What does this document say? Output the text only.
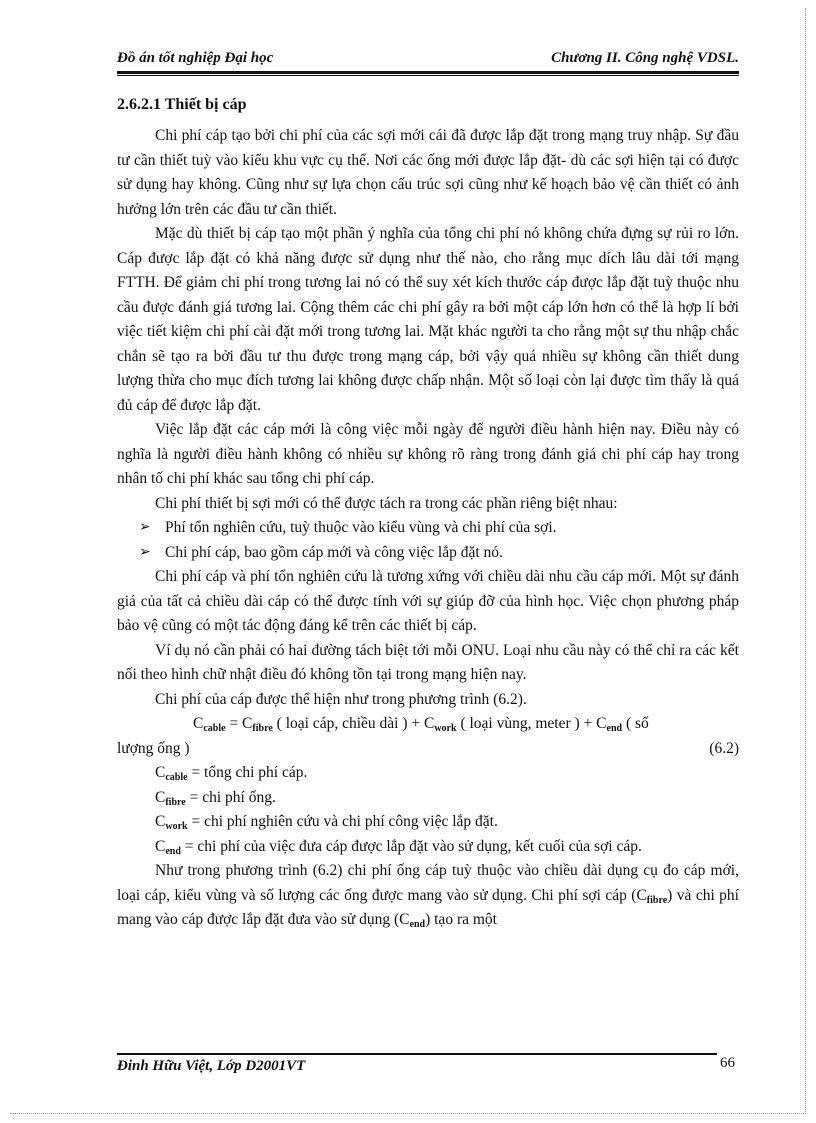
Đồ án tốt nghiệp Đại học	Chương II. Công nghệ VDSL.
2.6.2.1 Thiết bị cáp

Chi phí cáp tạo bởi chi phí của các sợi mới cái đã được lắp đặt trong mạng truy nhập. Sự đầu tư cần thiết tuỳ vào kiểu khu vực cụ thể. Nơi các ống mới được lắp đặt- dù các sợi hiện tại có được sử dụng hay không. Cũng như sự lựa chọn cấu trúc sợi cũng như kế hoạch bảo vệ cần thiết có ảnh hưởng lớn trên các đầu tư cần thiết.

Mặc dù thiết bị cáp tạo một phần ý nghĩa của tổng chi phí nó không chứa đựng sự rủi ro lớn. Cáp được lắp đặt có khả năng được sử dụng như thế nào, cho rằng mục dích lâu dài tới mạng FTTH. Để giảm chi phí trong tương lai nó có thể suy xét kích thước cáp được lắp đặt tuỳ thuộc nhu cầu được đánh giá tương lai. Cộng thêm các chi phí gây ra bởi một cáp lớn hơn có thể là hợp lí bởi việc tiết kiệm chi phí cài đặt mới trong tương lai. Mặt khác người ta cho rằng một sự thu nhập chắc chắn sẽ tạo ra bởi đầu tư thu được trong mạng cáp, bởi vậy quá nhiều sự không cần thiết dung lượng thừa cho mục đích tương lai không được chấp nhận. Một số loại còn lại được tìm thấy là quá đủ cáp để được lắp đặt.

Việc lắp đặt các cáp mới là công việc mỗi ngày để người điều hành hiện nay. Điều này có nghĩa là người điều hành không có nhiều sự không rõ ràng trong đánh giá chi phí cáp hay trong nhân tố chi phí khác sau tổng chi phí cáp.

Chi phí thiết bị sợi mới có thể được tách ra trong các phần riêng biệt nhau:

➢ Phí tổn nghiên cứu, tuỳ thuộc vào kiểu vùng và chi phí của sợi.

➢ Chi phí cáp, bao gồm cáp mới và công việc lắp đặt nó.

Chi phí cáp và phí tổn nghiên cứu là tương xứng với chiều dài nhu cầu cáp mới. Một sự đánh giá của tất cả chiều dài cáp có thể được tính với sự giúp đỡ của hình học. Việc chọn phương pháp bảo vệ cũng có một tác động đáng kể trên các thiết bị cáp.

Ví dụ nó cần phải có hai đường tách biệt tới mỗi ONU. Loại nhu cầu này có thể chỉ ra các kết nối theo hình chữ nhật điều đó không tồn tại trong mạng hiện nay.

Chi phí của cáp được thể hiện như trong phương trình (6.2).

$C_{cable} = C_{fibre}$ ( loại cáp, chiều dài ) + $C_{work}$ ( loại vùng, meter ) + $C_{end}$ ( số

lượng ống )	(6.2)

$C_{cable}$ = tổng chi phí cáp.

$C_{fibre}$ = chi phí ống.

$C_{work}$ = chi phí nghiên cứu và chi phí công việc lắp đặt.

$C_{end}$ = chi phí của việc đưa cáp được lắp đặt vào sử dụng, kết cuối của sợi cáp.

Như trong phương trình (6.2) chi phí ống cáp tuỳ thuộc vào chiều dài dụng cụ đo cáp mới, loại cáp, kiểu vùng và số lượng các ống được mang vào sử dụng. Chi phí sợi cáp $(C_{fibre})$ và chi phí mang vào cáp được lắp đặt đưa vào sử dụng $(C_{end})$ tạo ra một

Đinh Hữu Việt, Lớp D2001VT	66
